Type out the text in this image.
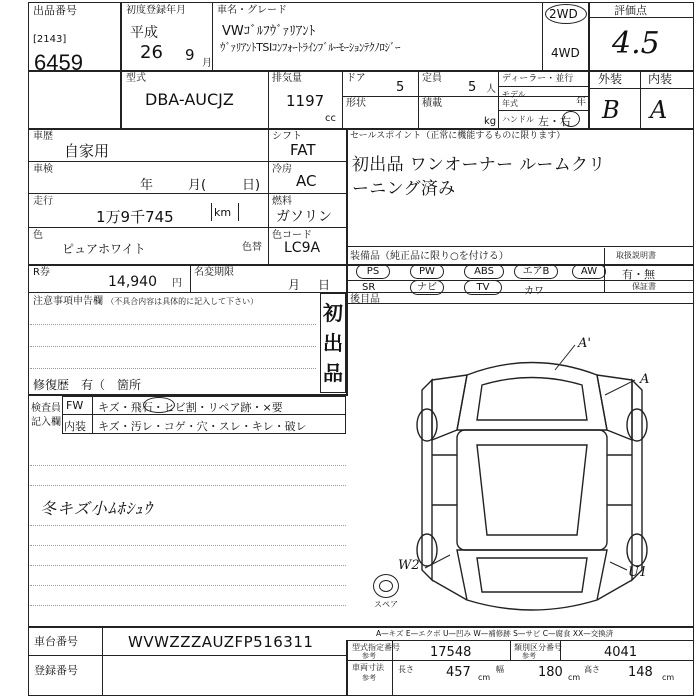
出品番号
[2143]
6459
初度登録年月
平成
26 9 月
車名・グレード
VWｺﾞﾙﾌｳﾞｧﾘｱﾝﾄ
ｳﾞｧﾘｱﾝﾄTSIｺﾝﾌｫｰﾄﾗｲﾝﾌﾞﾙｰﾓｰｼｮﾝﾃｸﾉﾛｼﾞｰ
2WD
4WD
評価点
4.5
型式
DBA-AUCJZ
排気量
1197
cc
ドア
5
定員
5 人
形状	積載
kg
ディーラー・並行
モデル年式	年
ハンドル 左・右
外装 内装
B A
車歴
自家用
シフト
FAT
車検
年	月(	日)
冷房
AC
走行
1万9千745	km
燃料
ガソリン
色
ピュアホワイト	色替
色コード
LC9A
R券
14,940 円
名変期限
月 日
セールスポイント（正常に機能するものに限ります）
初出品 ワンオーナー ルームクリ
ーニング済み
装備品（純正品に限り○を付ける）
PS	PW	ABS	エアB	AW
SR	ナビ	TV	カワ
取扱説明書
有・無
保証書
後目品
注意事項申告欄 （不具合内容は具体的に記入して下さい）	初出品
修復歴　有（　箇所
検査員記入欄
FW キズ・飛石・ヒビ割・リペア跡・×要
内装 キズ・汚レ・コゲ・穴・スレ・キレ・破レ
冬キズ小ﾑﾎｼｭｳ
スペア
A'
A
W2	U1
A—キズ E—エクボ U—凹み W—補修跡 S—サビ C—腐食 XX—交換済
車台番号	WVWZZZAUZFP516311
登録番号
型式指定番号
参考	17548	類別区分番号
参考	4041
車両寸法
参考
長さ 457 cm
幅	180 cm
高さ 148 cm
